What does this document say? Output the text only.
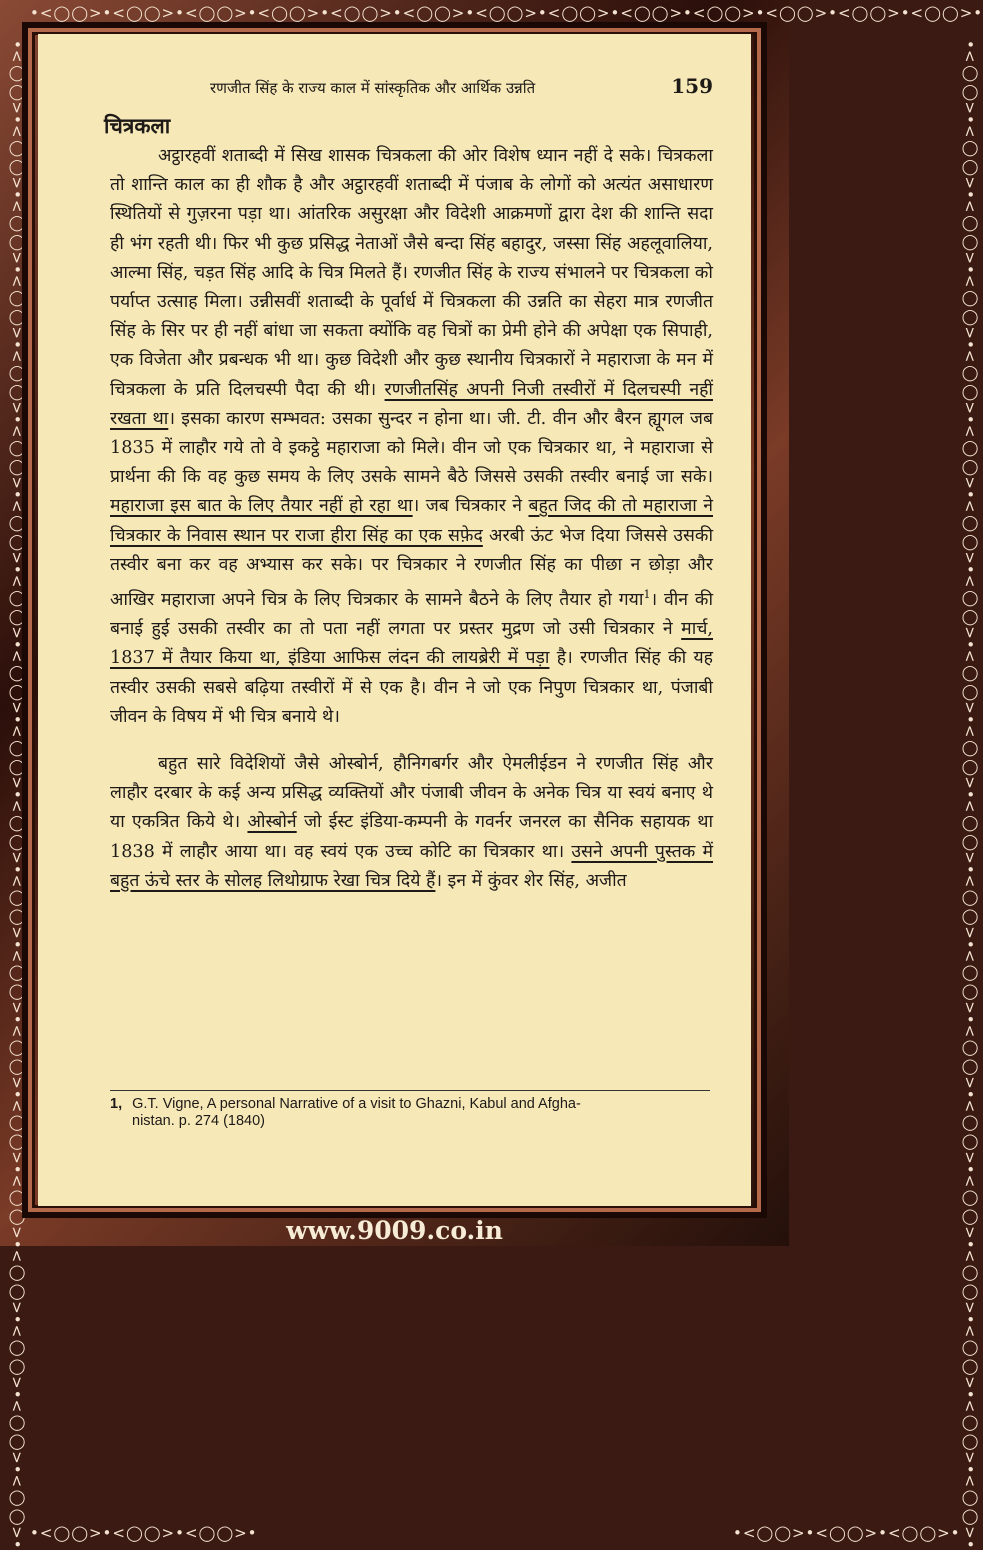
•<◯◯>•<◯◯>•<◯◯>•<◯◯>•<◯◯>•<◯◯>•<◯◯>•<◯◯>•<◯◯>•<◯◯>•<◯◯>•<◯◯>•<◯◯>•
•<◯◯>•<◯◯>•<◯◯>•<◯◯>•<◯◯>•<◯◯>•<◯◯>•<◯◯>•<◯◯>•<◯◯>•<◯◯>•<◯◯>•<◯◯>•<◯◯>•<◯◯>•<◯◯>•<◯◯>•<◯◯>•<◯◯>•<◯◯>•	•<◯◯>•<◯◯>•<◯◯>•<◯◯>•<◯◯>•<◯◯>•<◯◯>•<◯◯>•<◯◯>•<◯◯>•<◯◯>•<◯◯>•<◯◯>•<◯◯>•<◯◯>•<◯◯>•<◯◯>•<◯◯>•<◯◯>•<◯◯>•
रणजीत सिंह के राज्य काल में सांस्कृतिक और आर्थिक उन्नति	159
चित्रकला

अट्ठारहवीं शताब्दी में सिख शासक चित्रकला की ओर विशेष ध्यान नहीं दे सके। चित्रकला तो शान्ति काल का ही शौक है और अट्ठारहवीं शताब्दी में पंजाब के लोगों को अत्यंत असाधारण स्थितियों से गुज़रना पड़ा था। आंतरिक असुरक्षा और विदेशी आक्रमणों द्वारा देश की शान्ति सदा ही भंग रहती थी। फिर भी कुछ प्रसिद्ध नेताओं जैसे बन्दा सिंह बहादुर, जस्सा सिंह अहलूवालिया, आल्मा सिंह, चड़त सिंह आदि के चित्र मिलते हैं। रणजीत सिंह के राज्य संभालने पर चित्रकला को पर्याप्त उत्साह मिला। उन्नीसवीं शताब्दी के पूर्वार्ध में चित्रकला की उन्नति का सेहरा मात्र रणजीत सिंह के सिर पर ही नहीं बांधा जा सकता क्योंकि वह चित्रों का प्रेमी होने की अपेक्षा एक सिपाही, एक विजेता और प्रबन्धक भी था। कुछ विदेशी और कुछ स्थानीय चित्रकारों ने महाराजा के मन में चित्रकला के प्रति दिलचस्पी पैदा की थी। रणजीतसिंह अपनी निजी तस्वीरों में दिलचस्पी नहीं रखता था। इसका कारण सम्भवत: उसका सुन्दर न होना था। जी. टी. वीन और बैरन ह्यूगल जब 1835 में लाहौर गये तो वे इकट्ठे महाराजा को मिले। वीन जो एक चित्रकार था, ने महाराजा से प्रार्थना की कि वह कुछ समय के लिए उसके सामने बैठे जिससे उसकी तस्वीर बनाई जा सके। महाराजा इस बात के लिए तैयार नहीं हो रहा था। जब चित्रकार ने बहुत जिद की तो महाराजा ने चित्रकार के निवास स्थान पर राजा हीरा सिंह का एक सफ़ेद अरबी ऊंट भेज दिया जिससे उसकी तस्वीर बना कर वह अभ्यास कर सके। पर चित्रकार ने रणजीत सिंह का पीछा न छोड़ा और आखिर महाराजा अपने चित्र के लिए चित्रकार के सामने बैठने के लिए तैयार हो गया$^1$। वीन की बनाई हुई उसकी तस्वीर का तो पता नहीं लगता पर प्रस्तर मुद्रण जो उसी चित्रकार ने मार्च, 1837 में तैयार किया था, इंडिया आफिस लंदन की लायब्रेरी में पड़ा है। रणजीत सिंह की यह तस्वीर उसकी सबसे बढ़िया तस्वीरों में से एक है। वीन ने जो एक निपुण चित्रकार था, पंजाबी जीवन के विषय में भी चित्र बनाये थे।

बहुत सारे विदेशियों जैसे ओस्बोर्न, हौनिगबर्गर और ऐमलीईडन ने रणजीत सिंह और लाहौर दरबार के कई अन्य प्रसिद्ध व्यक्तियों और पंजाबी जीवन के अनेक चित्र या स्वयं बनाए थे या एकत्रित किये थे। ओस्बोर्न जो ईस्ट इंडिया-कम्पनी के गवर्नर जनरल का सैनिक सहायक था 1838 में लाहौर आया था। वह स्वयं एक उच्च कोटि का चित्रकार था। उसने अपनी पुस्तक में बहुत ऊंचे स्तर के सोलह लिथोग्राफ रेखा चित्र दिये हैं। इन में कुंवर शेर सिंह, अजीत

1, G.T. Vigne, A personal Narrative of a visit to Ghazni, Kabul and Afgha-
nistan. p. 274 (1840)
•<◯◯>•<◯◯>•<◯◯>•
www.9009.co.in
•<◯◯>•<◯◯>•<◯◯>•
